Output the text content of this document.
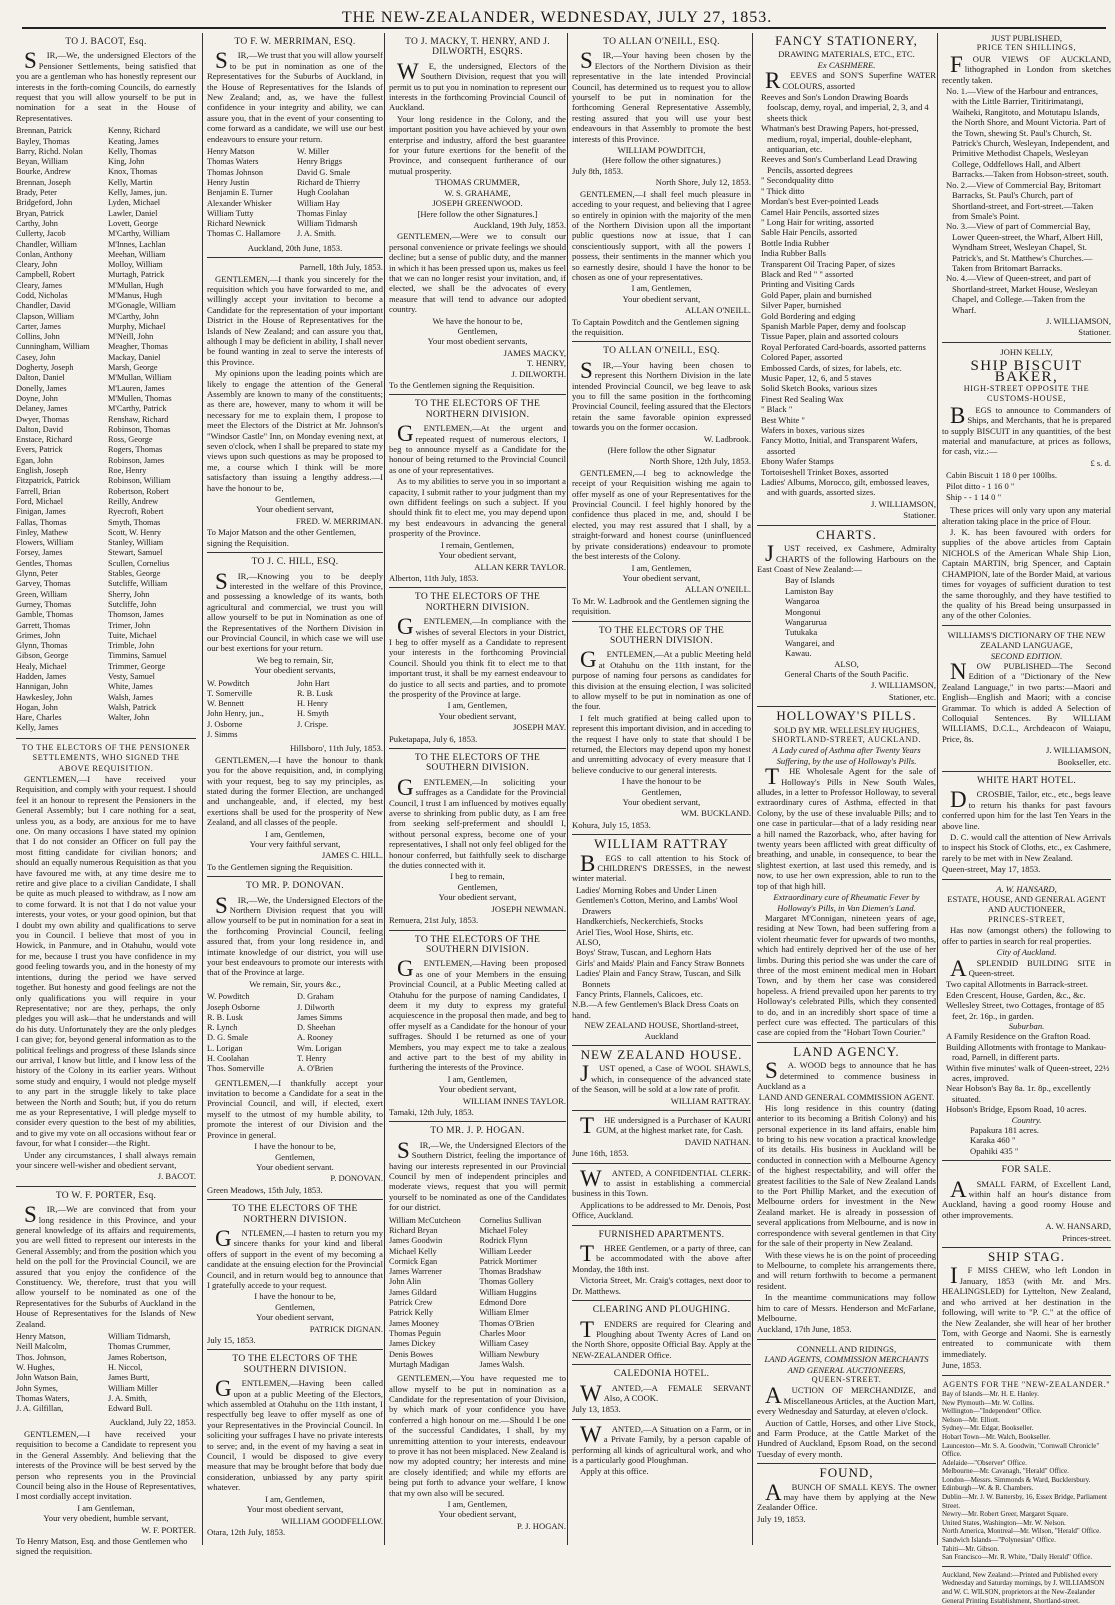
THE NEW-ZEALANDER, WEDNESDAY, JULY 27, 1853.
TO J. BACOT, Esq.

S IR,—We, the undersigned Electors of the Pensioner Settlements, being satisfied that you are a gentleman who has honestly represent our interests in the forth-coming Councils, do earnestly request that you will allow yourself to be put in nomination for a seat in the House of Representatives.

Brennan, Patrick	Kenny, Richard
Bayley, Thomas	Keating, James
Barry, Richd. Nolan	Kelly, Thomas
Beyan, William	King, John
Bourke, Andrew	Knox, Thomas
Brennan, Joseph	Kelly, Martin
Brady, Peter	Kelly, James, jun.
Bridgeford, John	Lyden, Michael
Bryan, Patrick	Lawler, Daniel
Carthy, John	Lovett, George
Cullerty, Jacob	M'Carthy, William
Chandler, William	M'Innes, Lachlan
Conlan, Anthony	Meehan, William
Cleary, John	Molloy, William
Campbell, Robert	Murtagh, Patrick
Cleary, James	M'Mullan, Hugh
Codd, Nicholas	M'Manus, Hugh
Chandler, David	M'Gonagle, William
Clapson, William	M'Carthy, John
Carter, James	Murphy, Michael
Collins, John	M'Neill, John
Cunningham, William	Meagher, Thomas
Casey, John	Mackay, Daniel
Dogherty, Joseph	Marsh, George
Dalton, Daniel	M'Mullan, William
Donelly, James	M'Lauren, James
Doyne, John	M'Mullen, Thomas
Delaney, James	M'Carthy, Patrick
Dwyer, Thomas	Renshaw, Richard
Dalton, David	Robinson, Thomas
Enstace, Richard	Ross, George
Evers, Patrick	Rogers, Thomas
Egan, John	Robinson, James
English, Joseph	Roe, Henry
Fitzpatrick, Patrick	Robinson, William
Farrell, Brian	Robertson, Robert
Ford, Michael	Reilly, Andrew
Finigan, James	Ryecroft, Robert
Fallas, Thomas	Smyth, Thomas
Finley, Mathew	Scott, W. Henry
Flowers, William	Stanley, William
Forsey, James	Stewart, Samuel
Gentles, Thomas	Scullen, Cornelius
Glynn, Peter	Stables, George
Garvey, Thomas	Sutcliffe, William
Green, William	Sherry, John
Gurney, Thomas	Sutcliffe, John
Gamble, Thomas	Thomson, James
Garrett, Thomas	Trimer, John
Grimes, John	Tuite, Michael
Glynn, Thomas	Trimble, John
Gibson, George	Timmins, Samuel
Healy, Michael	Trimmer, George
Hadden, James	Vesty, Samuel
Hannigan, John	White, James
Hawkesley, John	Walsh, James
Hogan, John	Walsh, Patrick
Hare, Charles	Walter, John
Kelly, James
TO THE ELECTORS OF THE PENSIONER SETTLEMENTS, WHO SIGNED THE ABOVE REQUISITION.

GENTLEMEN,—I have received your Requisition, and comply with your request. I should feel it an honour to represent the Pensioners in the General Assembly; but I care nothing for a seat, unless you, as a body, are anxious for me to have one. On many occasions I have stated my opinion that I do not consider an Officer on full pay the most fitting candidate for civilian honors; and should an equally numerous Requisition as that you have favoured me with, at any time desire me to retire and give place to a civilian Candidate, I shall be quite as much pleased to withdraw, as I now am to come forward. It is not that I do not value your interests, your votes, or your good opinion, but that I doubt my own ability and qualifications to serve you in Council. I believe that most of you in Howick, in Panmure, and in Otahuhu, would vote for me, because I trust you have confidence in my good feeling towards you, and in the honesty of my intentions, during the period we have served together. But honesty and good feelings are not the only qualifications you will require in your Representative; nor are they, perhaps, the only pledges you will ask—that he understands and will do his duty. Unfortunately they are the only pledges I can give; for, beyond general information as to the political feelings and progress of these Islands since our arrival, I know but little, and I know less of the history of the Colony in its earlier years. Without some study and enquiry, I would not pledge myself to any part in the struggle likely to take place between the North and South; but, if you do return me as your Representative, I will pledge myself to consider every question to the best of my abilities, and to give my vote on all occasions without fear or favour, for what I consider—the Right.

Under any circumstances, I shall always remain your sincere well-wisher and obedient servant,

J. BACOT.
TO W. F. PORTER, Esq.

S IR,—We are convinced that from your long residence in this Province, and your general knowledge of its affairs and requirements, you are well fitted to represent our interests in the General Assembly; and from the position which you held on the poll for the Provincial Council, we are assured that you enjoy the confidence of the Constituency. We, therefore, trust that you will allow yourself to be nominated as one of the Representatives for the Suburbs of Auckland in the House of Representatives for the Islands of New Zealand.

Henry Matson,	William Tidmarsh,
Neill Malcolm,	Thomas Crummer,
Thos. Johnson,	James Robertson,
W. Hughes,	H. Niccol,
John Watson Bain,	James Burtt,
John Symes,	William Miller
Thomas Waters,	J. A. Smith,
J. A. Gilfillan,	Edward Bull.
Auckland, July 22, 1853.

GENTLEMEN,—I have received your requisition to become a Candidate to represent you in the General Assembly. And believing that the interests of the Province will be best served by the person who represents you in the Provincial Council being also in the House of Representatives, I most cordially accept invitation.

I am Gentleman,
Your very obedient, humble servant,
W. F. PORTER.
To Henry Matson, Esq. and those Gentlemen who signed the requisition.
TO F. W. MERRIMAN, ESQ.

S IR,—We trust that you will allow yourself to be put in nomination as one of the Representatives for the Suburbs of Auckland, in the House of Representatives for the Islands of New Zealand; and, as, we have the fullest confidence in your integrity and ability, we can assure you, that in the event of your consenting to come forward as a candidate, we will use our best endeavours to ensure your return.

Henry Matson	W. Miller
Thomas Waters	Henry Briggs
Thomas Johnson	David G. Smale
Henry Justin	Richard de Thierry
Benjamin E. Turner	Hugh Coolahan
Alexander Whisker	William Hay
William Tutty	Thomas Finlay
Richard Newnick	William Tidmarsh
Thomas C. Hallamore	J. A. Smith.
Auckland, 20th June, 1853.
Parnell, 18th July, 1853.

GENTLEMEN,—I thank you sincerely for the requisition which you have forwarded to me, and willingly accept your invitation to become a Candidate for the representation of your important District in the House of Representatives for the Islands of New Zealand; and can assure you that, although I may be deficient in ability, I shall never be found wanting in zeal to serve the interests of this Province.

My opinions upon the leading points which are likely to engage the attention of the General Assembly are known to many of the constituents; as there are, however, many to whom it will be necessary for me to explain them, I propose to meet the Electors of the District at Mr. Johnson's "Windsor Castle" Inn, on Monday evening next, at seven o'clock, when I shall be prepared to state my views upon such questions as may be proposed to me, a course which I think will be more satisfactory than issuing a lengthy address.—I have the honour to be,

Gentlemen,
Your obedient servant,
FRED. W. MERRIMAN.
To Major Matson and the other Gentlemen, signing the Requisition.
TO J. C. HILL, ESQ.

S IR,—Knowing you to be deeply interested in the welfare of this Province, and possessing a knowledge of its wants, both agricultural and commercial, we trust you will allow yourself to be put in Nomination as one of the Representatives of the Northern Division in our Provincial Council, in which case we will use our best exertions for your return.

We beg to remain, Sir,
Your obedient servants,
W. Powditch	John Hart
T. Somerville	R. B. Lusk
W. Bennett	H. Henry
John Henry, jun.,	H. Smyth
J. Osborne	J. Crispe.
J. Simms
Hillsboro', 11th July, 1853.

GENTLEMEN,—I have the honour to thank you for the above requisition, and, in complying with your request, beg to say my principles, as stated during the former Election, are unchanged and unchangeable, and, if elected, my best exertions shall be used for the prosperity of New Zealand, and all classes of the people.

I am, Gentlemen,
Your very faithful servant,
JAMES C. HILL.
To the Gentlemen signing the Requisition.
TO MR. P. DONOVAN.

S IR,—We, the Undersigned Electors of the Northern Division request that you will allow yourself to be put in nomination for a seat in the forthcoming Provincial Council, feeling assured that, from your long residence in, and intimate knowledge of our district, you will use your best endeavours to promote our interests with that of the Province at large.

We remain, Sir, yours &c.,
W. Powditch	D. Graham
Joseph Osborne	J. Dilworth
R. B. Lusk	James Simms
R. Lynch	D. Sheehan
D. G. Smale	A. Rooney
L. Lorigan	Wm. Lorigan
H. Coolahan	T. Henry
Thos. Somerville	A. O'Brien

GENTLEMEN,—I thankfully accept your invitation to become a Candidate for a seat in the Provincial Council, and will, if elected, exert myself to the utmost of my humble ability, to promote the interest of our Division and the Province in general.

I have the honour to be,
Gentlemen,
Your obedient servant.
P. DONOVAN.
Green Meadows, 15th July, 1853.
TO THE ELECTORS OF THE NORTHERN DIVISION.

G NTLEMEN,—I hasten to return you my sincere thanks for your kind and liberal offers of support in the event of my becoming a candidate at the ensuing election for the Provincial Council, and in return would beg to announce that I gratefully accede to your request.

I have the honour to be,
Gentlemen,
Your obedient servant,
PATRICK DIGNAN.
July 15, 1853.
TO THE ELECTORS OF THE SOUTHERN DIVISION.

G ENTLEMEN,—Having been called upon at a public Meeting of the Electors, which assembled at Otahuhu on the 11th instant, I respectfully beg leave to offer myself as one of your Representatives in the Provincial Council. In soliciting your suffrages I have no private interests to serve; and, in the event of my having a seat in Council, I would be disposed to give every measure that may be brought before that body due consideration, unbiassed by any party spirit whatever.

I am, Gentlemen,
Your most obedient servant,
WILLIAM GOODFELLOW.
Otara, 12th July, 1853.
TO J. MACKY, T. HENRY, AND J. DILWORTH, ESQRS.

W E, the undersigned, Electors of the Southern Division, request that you will permit us to put you in nomination to represent our interests in the forthcoming Provincial Council of Auckland.

Your long residence in the Colony, and the important position you have achieved by your own enterprise and industry, afford the best guarantee for your future exertions for the benefit of the Province, and consequent furtherance of our mutual prosperity.

THOMAS CRUMMER,
W. S. GRAHAME,
JOSEPH GREENWOOD.
[Here follow the other Signatures.]
Auckland, 19th July, 1853.

GENTLEMEN,—Were we to consult our personal convenience or private feelings we should decline; but a sense of public duty, and the manner in which it has been pressed upon us, makes us feel that we can no longer resist your invitation, and, if elected, we shall be the advocates of every measure that will tend to advance our adopted country.

We have the honour to be,
Gentlemen,
Your most obedient servants,
JAMES MACKY,
T. HENRY,
J. DILWORTH.
To the Gentlemen signing the Requisition.
TO THE ELECTORS OF THE NORTHERN DIVISION.

G ENTLEMEN,—At the urgent and repeated request of numerous electors, I beg to announce myself as a Candidate for the honour of being returned to the Provincial Council as one of your representatives.

As to my abilities to serve you in so important a capacity, I submit rather to your judgment than my own diffident feelings on such a subject. If you should think fit to elect me, you may depend upon my best endeavours in advancing the general prosperity of the Province.

I remain, Gentlemen,
Your obedient servant,
ALLAN KERR TAYLOR.
Alberton, 11th July, 1853.
TO THE ELECTORS OF THE NORTHERN DIVISION.

G ENTLEMEN,—In compliance with the wishes of several Electors in your District, I beg to offer myself as a Candidate to represent your interests in the forthcoming Provincial Council. Should you think fit to elect me to that important trust, it shall be my earnest endeavour to do justice to all sects and parties, and to promote the prosperity of the Province at large.

I am, Gentlemen,
Your obedient servant,
JOSEPH MAY.
Puketapapa, July 6, 1853.
TO THE ELECTORS OF THE SOUTHERN DIVISION.

G ENTLEMEN,—In soliciting your suffrages as a Candidate for the Provincial Council, I trust I am influenced by motives equally averse to shrinking from public duty, as I am free from seeking self-preferment and shouldI I, without personal express, become one of your representatives, I shall not only feel obliged for the honour conferred, but faithfully seek to discharge the duties connected with it.

I beg to remain,
Gentlemen,
Your obedient servant,
JOSEPH NEWMAN.
Remuera, 21st July, 1853.
TO THE ELECTORS OF THE SOUTHERN DIVISION.

G ENTLEMEN,—Having been proposed as one of your Members in the ensuing Provincial Council, at a Public Meeting called at Otahuhu for the purpose of naming Candidates, I deem it my duty to express my grateful acquiescence in the proposal then made, and beg to offer myself as a Candidate for the honour of your suffrages. Should I be returned as one of your Members, you may expect me to take a zealous and active part to the best of my ability in furthering the interests of the Province.

I am, Gentlemen,
Your obedient servant,
WILLIAM INNES TAYLOR.
Tamaki, 12th July, 1853.
TO MR. J. P. HOGAN.

S IR,—We, the Undersigned Electors of the Southern District, feeling the importance of having our interests represented in our Provincial Council by men of independent principles and moderate views, request that you will permit yourself to be nominated as one of the Candidates for our district.

William McCutcheon	Cornelius Sullivan
Richard Bryan	Michael Foley
James Goodwin	Rodrick Flynn
Michael Kelly	William Leeder
Cormick Egan	Patrick Mortimer
James Warrener	Thomas Bradshaw
John Alin	Thomas Gollery
James Gildard	William Huggins
Patrick Crew	Edmond Dore
Patrick Kelly	William Elmer
James Mooney	Thomas O'Brien
Thomas Peguin	Charles Moor
James Dickey	William Casey
Denis Bowes	William Newbury
Murtagh Madigan	James Walsh.

GENTLEMEN,—You have requested me to allow myself to be put in nomination as a Candidate for the representation of your Division, by which mark of your confidence you have conferred a high honour on me.—Should I be one of the successful Candidates, I shall, by my unremitting attention to your interests, endeavour to prove it has not been misplaced. New Zealand is now my adopted country; her interests and mine are closely identified; and while my efforts are being put forth to advance your welfare, I know that my own also will be secured.

I am, Gentlemen,
Your obedient servant,
P. J. HOGAN.
TO ALLAN O'NEILL, ESQ.

S IR,—Your having been chosen by the Electors of the Northern Division as their representative in the late intended Provincial Council, has determined us to request you to allow yourself to be put in nomination for the forthcoming General Representative Assembly, resting assured that you will use your best endeavours in that Assembly to promote the best interests of this Province.

WILLIAM POWDITCH,
(Here follow the other signatures.)
July 8th, 1853.
North Shore, July 12, 1853.

GENTLEMEN,—I shall feel much pleasure in acceding to your request, and believing that I agree so entirely in opinion with the majority of the men of the Northern Division upon all the important public questions now at issue, that I can conscientiously support, with all the powers I possess, their sentiments in the manner which you so earnestly desire, should I have the honor to be chosen as one of your representatives.

I am, Gentlemen,
Your obedient servant,
ALLAN O'NEILL.
To Captain Powditch and the Gentlemen signing the requisition.
TO ALLAN O'NEILL, ESQ.

S IR,—Your having been chosen to represent this Northern Division in the late intended Provincial Council, we beg leave to ask you to fill the same position in the forthcoming Provincial Council, feeling assured that the Electors retain the same favorable opinion expressed towards you on the former occasion.

W. Ladbrook.
(Here follow the other Signatur
North Shore, 12th July, 1853.

GENTLEMEN,—I beg to acknowledge the receipt of your Requisition wishing me again to offer myself as one of your Representatives for the Provincial Council. I feel highly honored by the confidence thus placed in me, and, should I be elected, you may rest assured that I shall, by a straight-forward and honest course (uninfluenced by private considerations) endeavour to promote the best interests of the Colony.

I am, Gentlemen,
Your obedient servant,
ALLAN O'NEILL.
To Mr. W. Ladbrook and the Gentlemen signing the requisition.
TO THE ELECTORS OF THE SOUTHERN DIVISION.

G ENTLEMEN,—At a public Meeting held at Otahuhu on the 11th instant, for the purpose of naming four persons as candidates for this division at the ensuing election, I was solicited to allow myself to be put in nomination as one of the four.

I felt much gratified at being called upon to represent this important division, and in acceding to the request I have only to state that should I be returned, the Electors may depend upon my honest and unremitting advocacy of every measure that I believe conducive to our general interests.

I have the honour to be
Gentlemen,
Your obedient servant,
WM. BUCKLAND.
Kohura, July 15, 1853.
WILLIAM RATTRAY

B EGS to call attention to his Stock of CHILDREN'S DRESSES, in the newest winter material.

Ladies' Morning Robes and Under Linen
Gentlemen's Cotton, Merino, and Lambs' Wool Drawers
Handkerchiefs, Neckerchiefs, Stocks
Ariel Ties, Wool Hose, Shirts, etc.
ALSO,
Boys' Straw, Tuscan, and Leghorn Hats
Girls' and Maids' Plain and Fancy Straw Bonnets
Ladies' Plain and Fancy Straw, Tuscan, and Silk Bonnets
Fancy Prints, Flannels, Calicoes, etc.
N.B.—A few Gentlemen's Black Dress Coats on hand.
NEW ZEALAND HOUSE, Shortland-street, Auckland
NEW ZEALAND HOUSE.

J UST opened, a Case of WOOL SHAWLS, which, in consequence of the advanced state of the Season, will be sold at a low rate of profit.

WILLIAM RATTRAY.

T HE undersigned is a Purchaser of KAURI GUM, at the highest market rate, for Cash.

DAVID NATHAN.
June 16th, 1853.

W ANTED, A CONFIDENTIAL CLERK: to assist in establishing a commercial business in this Town.

Applications to be addressed to Mr. Denois, Post Office, Auckland.

FURNISHED APARTMENTS.

T HREE Gentlemen, or a party of three, can be accommodated with the above after Monday, the 18th inst.

Victoria Street, Mr. Craig's cottages, next door to Dr. Matthews.

CLEARING AND PLOUGHING.

T ENDERS are required for Clearing and Ploughing about Twenty Acres of Land on the North Shore, opposite Official Bay. Apply at the NEW-ZEALANDER Office.

CALEDONIA HOTEL.

W ANTED,—A FEMALE SERVANT Also, A COOK.

July 13, 1853.

W ANTED,—A Situation on a Farm, or in a Private Family, by a person capable of performing all kinds of agricultural work, and who is a particularly good Ploughman.

Apply at this office.

FANCY STATIONERY,
DRAWING MATERIALS, ETC., ETC.
Ex CASHMERE.

R EEVES and SON'S Superfine WATER COLOURS, assorted

Reeves and Son's London Drawing Boards foolscap, demy, royal, and imperial, 2, 3, and 4 sheets thick
Whatman's best Drawing Papers, hot-pressed, medium, royal, imperial, double-elephant, antiquarian, etc.
Reeves and Son's Cumberland Lead Drawing Pencils, assorted degrees
" Secondquality ditto
" Thick ditto
Mordan's best Ever-pointed Leads
Camel Hair Pencils, assorted sizes
" Long Hair for writing, assorted
Sable Hair Pencils, assorted
Bottle India Rubber
India Rubber Balls
Transparent Oil Tracing Paper, of sizes
Black and Red " " assorted
Printing and Visiting Cards
Gold Paper, plain and burnished
Silver Paper, burnished
Gold Bordering and edging
Spanish Marble Paper, demy and foolscap
Tissue Paper, plain and assorted colours
Royal Perforated Card-boards, assorted patterns
Colored Paper, assorted
Embossed Cards, of sizes, for labels, etc.
Music Paper, 12, 6, and 5 staves
Solid Sketch Books, various sizes
Finest Red Sealing Wax
" Black "
Best White "
Wafers in boxes, various sizes
Fancy Motto, Initial, and Transparent Wafers, assorted
Ebony Wafer Stamps
Tortoiseshell Trinket Boxes, assorted
Ladies' Albums, Morocco, gilt, embossed leaves, and with guards, assorted sizes.
J. WILLIAMSON,
Stationer.
CHARTS.

J UST received, ex Cashmere, Admiralty CHARTS of the following Harbours on the East Coast of New Zealand:—

Bay of Islands
Lamiston Bay
Wangaroa
Mongonui
Wangarurua
Tutukaka
Wangarei, and
Kawau.
ALSO,
General Charts of the South Pacific.
J. WILLIAMSON,
Stationer, etc.
HOLLOWAY'S PILLS.
SOLD BY MR. WELLESLEY HUGHES,
SHORTLAND-STREET, AUCKLAND.
A Lady cured of Asthma after Twenty Years Suffering, by the use of Holloway's Pills.

T HE Wholesale Agent for the sale of Holloway's Pills in New South Wales, alludes, in a letter to Professor Holloway, to several extraordinary cures of Asthma, effected in that Colony, by the use of these invaluable Pills; and to one case in particular—that of a lady residing near a hill named the Razorback, who, after having for twenty years been afflicted with great difficulty of breathing, and unable, in consequence, to bear the slightest exertion, at last used this remedy, and is now, to use her own expression, able to run to the top of that high hill.

Extraordinary cure of Rheumatic Fever by Holloway's Pills, in Van Diemen's Land.

Margaret M'Connigan, nineteen years of age, residing at New Town, had been suffering from a violent rheumatic fever for upwards of two months, which had entirely deprived her of the use of her limbs. During this period she was under the care of three of the most eminent medical men in Hobart Town, and by them her case was considered hopeless. A friend prevailed upon her parents to try Holloway's celebrated Pills, which they consented to do, and in an incredibly short space of time a perfect cure was effected. The particulars of this case are copied from the "Hobart Town Courier."

LAND AGENCY.

S A. WOOD begs to announce that he has determined to commence business in Auckland as a

LAND AND GENERAL COMMISSION AGENT.

His long residence in this country (dating anterior to its becoming a British Colony) and his personal experience in its land affairs, enable him to bring to his new vocation a practical knowledge of its details. His business in Auckland will be conducted in connection with a Melbourne Agency of the highest respectability, and will offer the greatest facilities to the Sale of New Zealand Lands to the Port Phillip Market, and the execution of Melbourne orders for investment in the New Zealand market. He is already in possession of several applications from Melbourne, and is now in correspondence with several gentlemen in that City for the sale of their property in New Zealand.

With these views he is on the point of proceeding to Melbourne, to complete his arrangements there, and will return forthwith to become a permanent resident.

In the meantime communications may follow him to care of Messrs. Henderson and McFarlane, Melbourne.

Auckland, 17th June, 1853.
CONNELL AND RIDINGS,
LAND AGENTS, COMMISSION MERCHANTS AND GENERAL AUCTIONEERS,
QUEEN-STREET.

A UCTION OF MERCHANDIZE, and Miscellaneous Articles, at the Auction Mart, every Wednesday and Saturday, at eleven o'clock.

Auction of Cattle, Horses, and other Live Stock, and Farm Produce, at the Cattle Market of the Hundred of Auckland, Epsom Road, on the second Tuesday of every month.

FOUND,

A BUNCH OF SMALL KEYS. The owner may have them by applying at the New Zealander Office.

July 19, 1853.
JUST PUBLISHED,
PRICE TEN SHILLINGS,

F OUR VIEWS OF AUCKLAND, lithographed in London from sketches recently taken.

No. 1.—View of the Harbour and entrances, with the Little Barrier, Tiritirimatangi, Waiheki, Rangitoto, and Motutapu Islands, the North Shore, and Mount Victoria. Part of the Town, shewing St. Paul's Church, St. Patrick's Church, Wesleyan, Independent, and Primitive Methodist Chapels, Wesleyan College, Oddfellows Hall, and Albert Barracks.—Taken from Hobson-street, south.
No. 2.—View of Commercial Bay, Britomart Barracks, St. Paul's Church, part of Shortland-street, and Fort-street.—Taken from Smale's Point.
No. 3.—View of part of Commercial Bay, Lower Queen-street, the Wharf, Albert Hill, Wyndham Street, Wesleyan Chapel, St. Patrick's, and St. Matthew's Churches.—Taken from Britomart Barracks.
No. 4.—View of Queen-street, and part of Shortland-street, Market House, Wesleyan Chapel, and College.—Taken from the Wharf.
J. WILLIAMSON,
Stationer.
JOHN KELLY,
SHIP BISCUIT BAKER,
HIGH-STREET OPPOSITE THE CUSTOMS-HOUSE,

B EGS to announce to Commanders of Ships, and Merchants, that he is prepared to supply BISCUIT in any quantities, of the best material and manufacture, at prices as follows, for cash, viz.:—

£ s. d.
Cabin Biscuit 1 18 0 per 100lbs.
Pilot ditto - 1 16 0 "
Ship - - 1 14 0 "

These prices will only vary upon any material alteration taking place in the price of Flour.

J. K. has been favoured with orders for supplies of the above articles from Captain NICHOLS of the American Whale Ship Lion, Captain MARTIN, brig Spencer, and Captain CHAMPION, late of the Border Maid, at various times for voyages of sufficient duration to test the same thoroughly, and they have testified to the quality of his Bread being unsurpassed in any of the other Colonies.

WILLIAMS'S DICTIONARY OF THE NEW ZEALAND LANGUAGE,
SECOND EDITION.

N OW PUBLISHED—The Second Edition of a "Dictionary of the New Zealand Language," in two parts:—Maori and English—English and Maori; with a concise Grammar. To which is added A Selection of Colloquial Sentences. By WILLIAM WILLIAMS, D.C.L., Archdeacon of Waiapu, Price, 8s.

J. WILLIAMSON,
Bookseller, etc.
WHITE HART HOTEL.

D CROSBIE, Tailor, etc., etc., begs leave to return his thanks for past favours conferred upon him for the last Ten Years in the above line.

D. C. would call the attention of New Arrivals to inspect his Stock of Cloths, etc., ex Cashmere, rarely to be met with in New Zealand.

Queen-street, May 17, 1853.
A. W. HANSARD,
ESTATE, HOUSE, AND GENERAL AGENT AND AUCTIONEER,
PRINCES-STREET,

Has now (amongst others) the following to offer to parties in search for real properties.

City of Auckland.

A SPLENDID BUILDING SITE in Queen-street.

Two capital Allotments in Barrack-street.
Eden Crescent, House, Garden, &c., &c.
Wellesley Street, two Cottages, frontage of 85 feet, 2r. 16p., in garden.
Suburban.
A Family Residence on the Grafton Road.
Building Allotments with frontage to Mankau-road, Parnell, in different parts.
Within five minutes' walk of Queen-street, 22½ acres, improved.
Near Hobson's Bay 8a. 1r. 8p., excellently situated.
Hobson's Bridge, Epsom Road, 10 acres.
Country.
Papakura 181 acres.
Karaka 460 "
Opahiki 435 "
FOR SALE.

A SMALL FARM, of Excellent Land, within half an hour's distance from Auckland, having a good roomy House and other improvements.

A. W. HANSARD,
Princes-street.
SHIP STAG.

I F MISS CHEW, who left London in January, 1853 (with Mr. and Mrs. HEALINGSLED) for Lyttelton, New Zealand, and who arrived at her destination in the following, will write to "P. C." at the office of the New Zealander, she will hear of her brother Tom, with George and Naomi. She is earnestly entreated to communicate with them immediately.

June, 1853.
AGENTS FOR THE "NEW-ZEALANDER."
Bay of Islands—Mr. H. E. Hanley.
New Plymouth—Mr. W. Collins.
Wellington—"Independent" Office.
Nelson—Mr. Elliott.
Sydney—Mr. Edgar, Bookseller.
Hobart Town—Mr. Walch, Bookseller.
Launceston—Mr. S. A. Goodwin, "Cornwall Chronicle" Office.
Adelaide—"Observer" Office.
Melbourne—Mr. Cavanagh, "Herald" Office.
London—Messrs. Simmonds & Ward, Bucklersbury.
Edinburgh—W. & R. Chambers.
Dublin—Mr. J. W. Battersby, 16, Essex Bridge, Parliament Street.
Newry—Mr. Robert Greer, Margaret Square.
United States, Washington—Mr. W. Nelson.
North America, Montreal—Mr. Wilson, "Herald" Office.
Sandwich Islands—"Polynesian" Office.
Tahiti—Mr. Gibson.
San Francisco—Mr. R. White, "Daily Herald" Office.
Auckland, New Zealand:—Printed and Published every Wednesday and Saturday mornings, by J. WILLIAMSON and W. C. WILSON, proprietors at the New-Zealander General Printing Establishment, Shortland-street.
